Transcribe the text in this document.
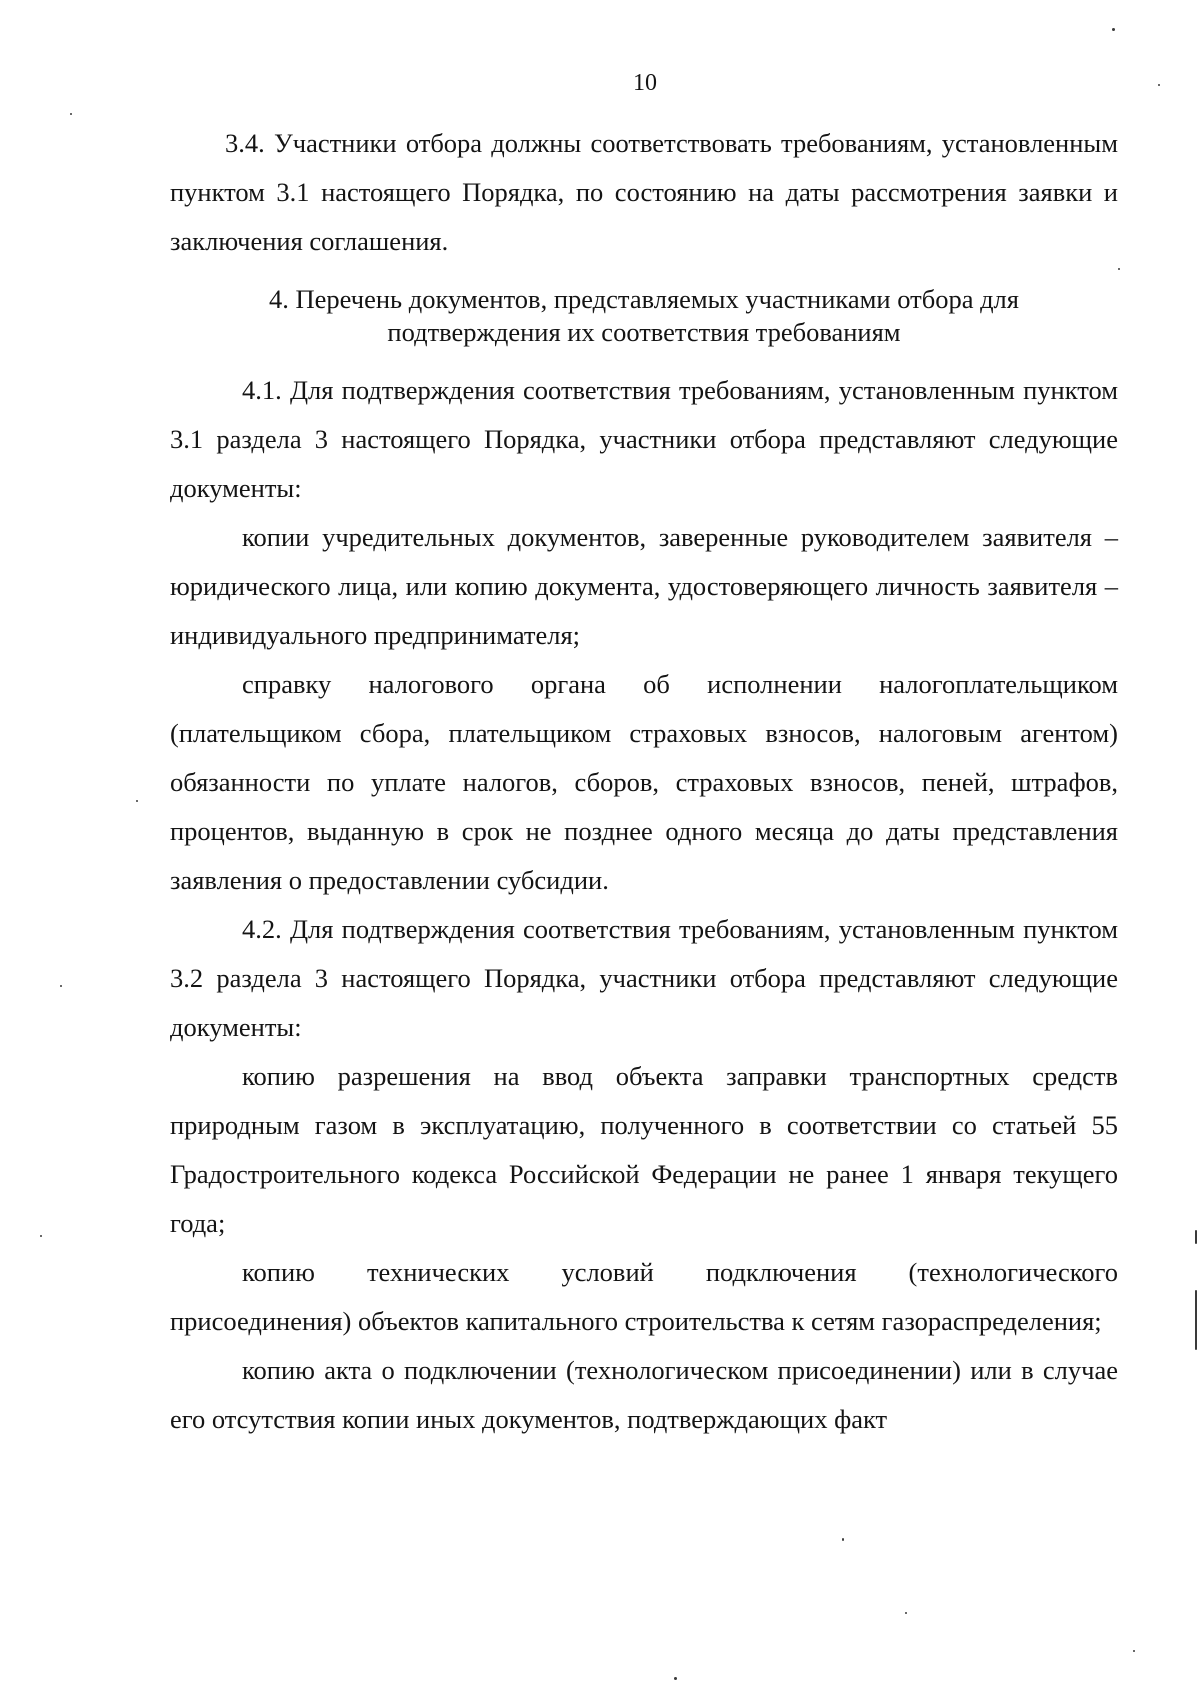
10

3.4. Участники отбора должны соответствовать требованиям, установленным пунктом 3.1 настоящего Порядка, по состоянию на даты рассмотрения заявки и заключения соглашения.

4. Перечень документов, представляемых участниками отбора для
подтверждения их соответствия требованиям

4.1. Для подтверждения соответствия требованиям, установленным пунктом 3.1 раздела 3 настоящего Порядка, участники отбора представляют следующие документы:

копии учредительных документов, заверенные руководителем заявителя – юридического лица, или копию документа, удостоверяющего личность заявителя – индивидуального предпринимателя;

справку налогового органа об исполнении налогоплательщиком (плательщиком сбора, плательщиком страховых взносов, налоговым агентом) обязанности по уплате налогов, сборов, страховых взносов, пеней, штрафов, процентов, выданную в срок не позднее одного месяца до даты представления заявления о предоставлении субсидии.

4.2. Для подтверждения соответствия требованиям, установленным пунктом 3.2 раздела 3 настоящего Порядка, участники отбора представляют следующие документы:

копию разрешения на ввод объекта заправки транспортных средств природным газом в эксплуатацию, полученного в соответствии со статьей 55 Градостроительного кодекса Российской Федерации не ранее 1 января текущего года;

копию технических условий подключения (технологического присоединения) объектов капитального строительства к сетям газораспределения;

копию акта о подключении (технологическом присоединении) или в случае его отсутствия копии иных документов, подтверждающих факт
